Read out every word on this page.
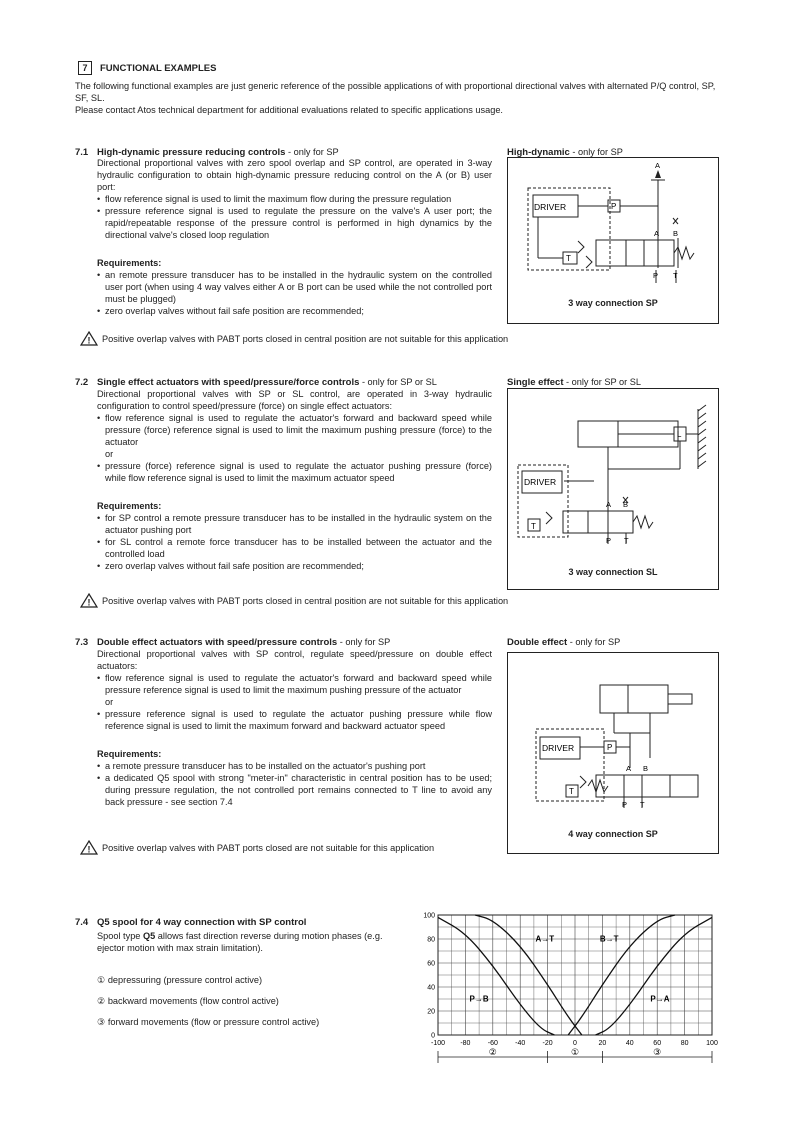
7 FUNCTIONAL EXAMPLES
The following functional examples are just generic reference of the possible applications of with proportional directional valves with alternated P/Q control, SP, SF, SL.
Please contact Atos technical department for additional evaluations related to specific applications usage.
7.1 High-dynamic pressure reducing controls - only for SP
Directional proportional valves with zero spool overlap and SP control, are operated in 3-way hydraulic configuration to obtain high-dynamic pressure reducing control on the A (or B) user port:
• flow reference signal is used to limit the maximum flow during the pressure regulation
• pressure reference signal is used to regulate the pressure on the valve's A user port; the rapid/repeatable response of the pressure control is performed in high dynamics by the directional valve's closed loop regulation
Requirements:
• an remote pressure transducer has to be installed in the hydraulic system on the controlled user port (when using 4 way valves either A or B port can be used while the not controlled port must be plugged)
• zero overlap valves without fail safe position are recommended;
! Positive overlap valves with PABT ports closed in central position are not suitable for this application
High-dynamic - only for SP
DRIVER	P
T
A B
P T
A
3 way connection SP
7.2 Single effect actuators with speed/pressure/force controls - only for SP or SL
Directional proportional valves with SP or SL control, are operated in 3-way hydraulic configuration to control speed/pressure (force) on single effect actuators:
• flow reference signal is used to regulate the actuator's forward and backward speed while pressure (force) reference signal is used to limit the maximum pushing pressure (force) to the actuator
or
• pressure (force) reference signal is used to regulate the actuator pushing pressure (force) while flow reference signal is used to limit the maximum actuator speed
Requirements:
• for SP control a remote pressure transducer has to be installed in the hydraulic system on the actuator pushing port
• for SL control a remote force transducer has to be installed between the actuator and the controlled load
• zero overlap valves without fail safe position are recommended;
! Positive overlap valves with PABT ports closed in central position are not suitable for this application
Single effect - only for SP or SL
DRIVER
L
T
A B
P T
3 way connection SL
7.3 Double effect actuators with speed/pressure controls - only for SP
Directional proportional valves with SP control, regulate speed/pressure on double effect actuators:
• flow reference signal is used to regulate the actuator's forward and backward speed while pressure reference signal is used to limit the maximum pushing pressure of the actuator
or
• pressure reference signal is used to regulate the actuator pushing pressure while flow reference signal is used to limit the maximum forward and backward actuator speed
Requirements:
• a remote pressure transducer has to be installed on the actuator's pushing port
• a dedicated Q5 spool with strong "meter-in" characteristic in central position has to be used; during pressure regulation, the not controlled port remains connected to T line to avoid any back pressure - see section 7.4
! Positive overlap valves with PABT ports closed are not suitable for this application
Double effect - only for SP
DRIVER	P
T
A B
P T
4 way connection SP
7.4 Q5 spool for 4 way connection with SP control
Spool type Q5 allows fast direction reverse during motion phases (e.g. ejector motion with max strain limitation).
① depressuring (pressure control active)
② backward movements (flow control active)
③ forward movements (flow or pressure control active)
-100 -80 -60 -40 -20	0	20	40	60	80	100
0
20
40
60
80
100
A→T	B→T
P→B	P→A
②	①	③
